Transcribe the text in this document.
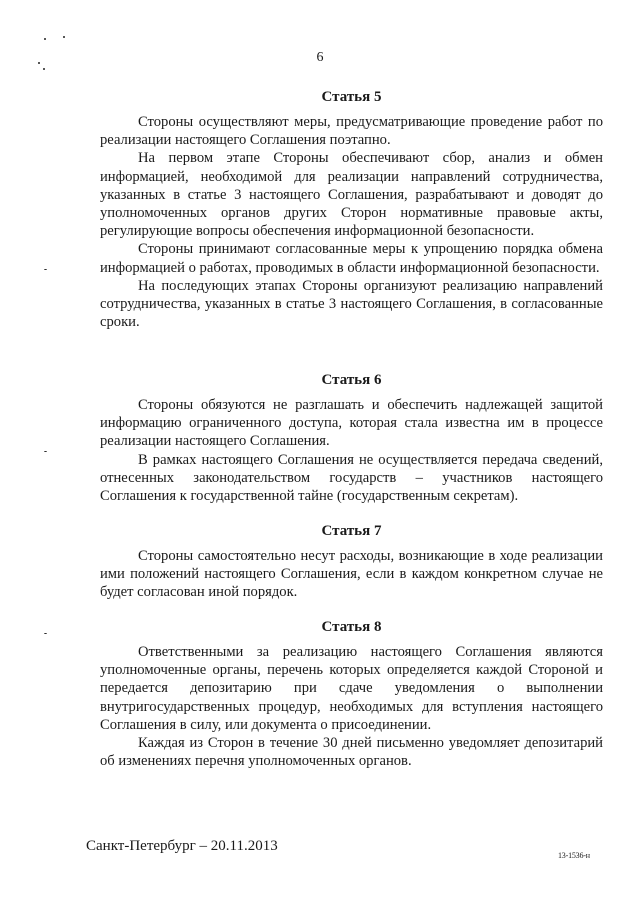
6
Статья 5

Стороны осуществляют меры, предусматривающие проведение работ по реализации настоящего Соглашения поэтапно.

На первом этапе Стороны обеспечивают сбор, анализ и обмен информацией, необходимой для реализации направлений сотрудничества, указанных в статье 3 настоящего Соглашения, разрабатывают и доводят до уполномоченных органов других Сторон нормативные правовые акты, регулирующие вопросы обеспечения информационной безопасности.

Стороны принимают согласованные меры к упрощению порядка обмена информацией о работах, проводимых в области информационной безопасности.

На последующих этапах Стороны организуют реализацию направлений сотрудничества, указанных в статье 3 настоящего Соглашения, в согласованные сроки.

Статья 6

Стороны обязуются не разглашать и обеспечить надлежащей защитой информацию ограниченного доступа, которая стала известна им в процессе реализации настоящего Соглашения.

В рамках настоящего Соглашения не осуществляется передача сведений, отнесенных законодательством государств – участников настоящего Соглашения к государственной тайне (государственным секретам).

Статья 7

Стороны самостоятельно несут расходы, возникающие в ходе реализации ими положений настоящего Соглашения, если в каждом конкретном случае не будет согласован иной порядок.

Статья 8

Ответственными за реализацию настоящего Соглашения являются уполномоченные органы, перечень которых определяется каждой Стороной и передается депозитарию при сдаче уведомления о выполнении внутригосударственных процедур, необходимых для вступления настоящего Соглашения в силу, или документа о присоединении.

Каждая из Сторон в течение 30 дней письменно уведомляет депозитарий об изменениях перечня уполномоченных органов.

Санкт-Петербург – 20.11.2013
13-1536-н
